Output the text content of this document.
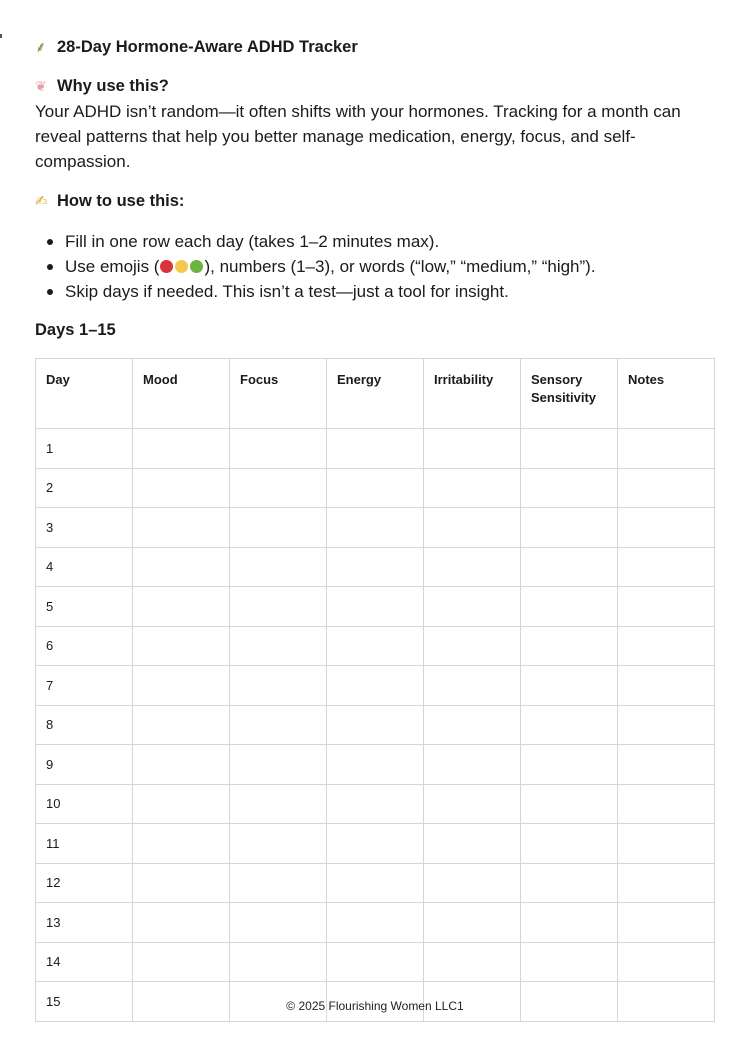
⸙ 28-Day Hormone-Aware ADHD Tracker
❦ Why use this?
Your ADHD isn’t random—it often shifts with your hormones. Tracking for a month can reveal patterns that help you better manage medication, energy, focus, and self-compassion.
✍ How to use this:
Fill in one row each day (takes 1–2 minutes max).
Use emojis (	), numbers (1–3), or words (“low,” “medium,” “high”).
Skip days if needed. This isn’t a test—just a tool for insight.
Days 1–15
Day	Mood	Focus	Energy	Irritability	Sensory Sensitivity	Notes
1						
2						
3						
4						
5						
6						
7						
8						
9						
10						
11						
12						
13						
14						
15							© 2025 Flourishing Women LLC1
